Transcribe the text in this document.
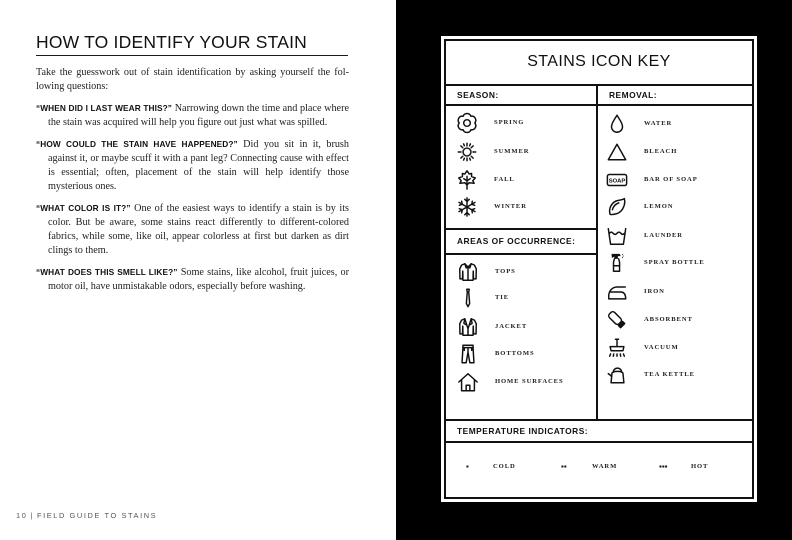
HOW TO IDENTIFY YOUR STAIN

Take the guesswork out of stain identification by asking yourself the following questions:

“WHEN DID I LAST WEAR THIS?” Narrowing down the time and place where the stain was acquired will help you figure out just what was spilled.

“HOW COULD THE STAIN HAVE HAPPENED?” Did you sit in it, brush against it, or maybe scuff it with a pant leg? Connecting cause with effect is essential; often, placement of the stain will help identify those mysterious ones.

“WHAT COLOR IS IT?” One of the easiest ways to identify a stain is by its color. But be aware, some stains react differently to different-colored fabrics, while some, like oil, appear colorless at first but darken as dirt clings to them.

“WHAT DOES THIS SMELL LIKE?” Some stains, like alcohol, fruit juices, or motor oil, have unmistakable odors, especially before washing.

10 | FIELD GUIDE TO STAINS
STAINS ICON KEY
SEASON:	REMOVAL:
AREAS OF OCCURRENCE:
TEMPERATURE INDICATORS:
SPRING
SUMMER
FALL
WINTER
TOPS
TIE
JACKET
BOTTOMS
HOME SURFACES
WATER
BLEACH
SOAP	BAR OF SOAP
LEMON
LAUNDER
SPRAY BOTTLE
IRON
ABSORBENT
VACUUM
TEA KETTLE
▪	COLD	▪▪	WARM	▪▪▪	HOT
